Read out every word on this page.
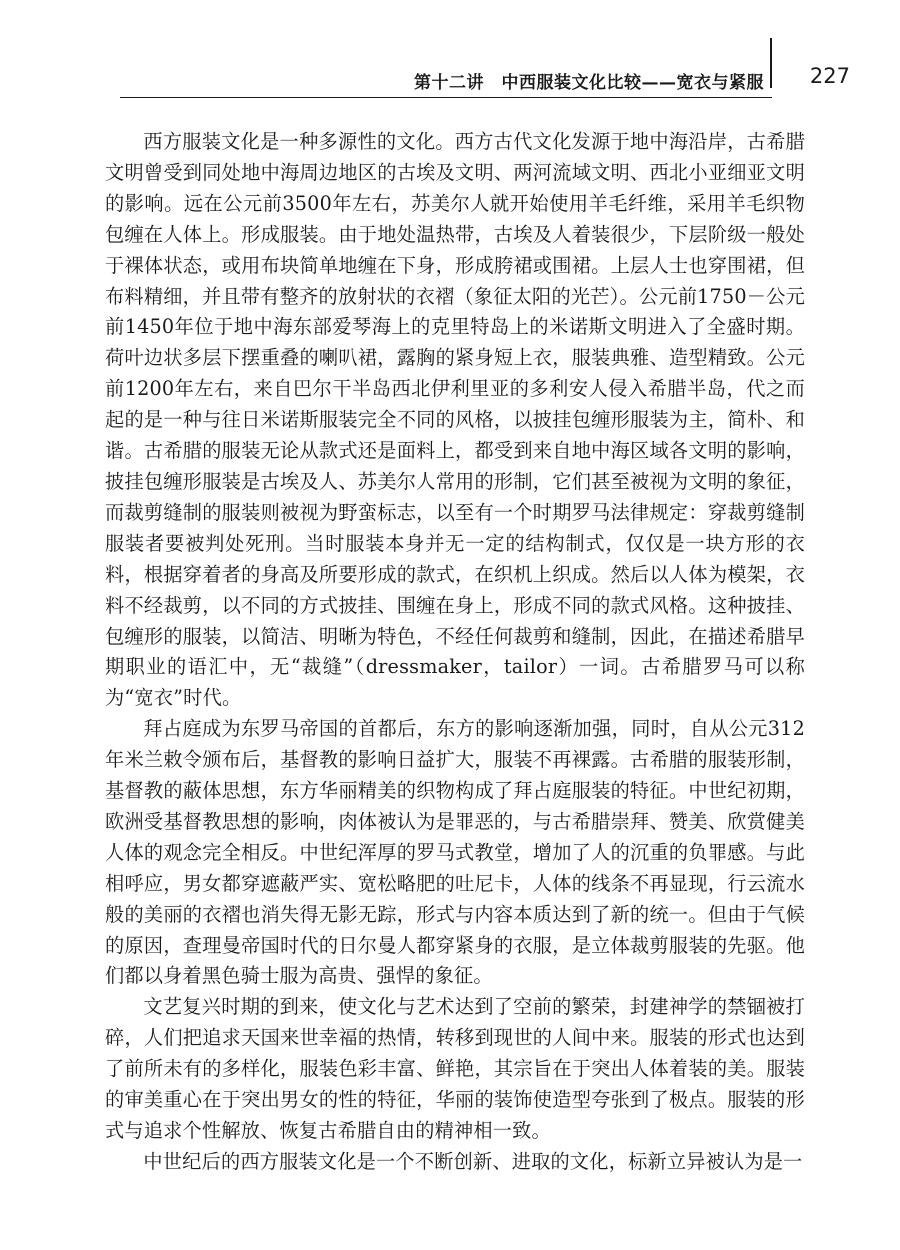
第十二讲　中西服装文化比较——宽衣与紧服 227

西方服装文化是一种多源性的文化。西方古代文化发源于地中海沿岸，古希腊文明曾受到同处地中海周边地区的古埃及文明、两河流域文明、西北小亚细亚文明的影响。远在公元前3500年左右，苏美尔人就开始使用羊毛纤维，采用羊毛织物包缠在人体上。形成服装。由于地处温热带，古埃及人着装很少，下层阶级一般处于裸体状态，或用布块简单地缠在下身，形成胯裙或围裙。上层人士也穿围裙，但布料精细，并且带有整齐的放射状的衣褶（象征太阳的光芒）。公元前1750－公元前1450年位于地中海东部爱琴海上的克里特岛上的米诺斯文明进入了全盛时期。荷叶边状多层下摆重叠的喇叭裙，露胸的紧身短上衣，服装典雅、造型精致。公元前1200年左右，来自巴尔干半岛西北伊利里亚的多利安人侵入希腊半岛，代之而起的是一种与往日米诺斯服装完全不同的风格，以披挂包缠形服装为主，简朴、和谐。古希腊的服装无论从款式还是面料上，都受到来自地中海区域各文明的影响，披挂包缠形服装是古埃及人、苏美尔人常用的形制，它们甚至被视为文明的象征，而裁剪缝制的服装则被视为野蛮标志，以至有一个时期罗马法律规定：穿裁剪缝制服装者要被判处死刑。当时服装本身并无一定的结构制式，仅仅是一块方形的衣料，根据穿着者的身高及所要形成的款式，在织机上织成。然后以人体为模架，衣料不经裁剪，以不同的方式披挂、围缠在身上，形成不同的款式风格。这种披挂、包缠形的服装，以简洁、明晰为特色，不经任何裁剪和缝制，因此，在描述希腊早期职业的语汇中，无“裁缝”（dressmaker，tailor）一词。古希腊罗马可以称为“宽衣”时代。

拜占庭成为东罗马帝国的首都后，东方的影响逐渐加强，同时，自从公元312年米兰敕令颁布后，基督教的影响日益扩大，服装不再裸露。古希腊的服装形制，基督教的蔽体思想，东方华丽精美的织物构成了拜占庭服装的特征。中世纪初期，欧洲受基督教思想的影响，肉体被认为是罪恶的，与古希腊崇拜、赞美、欣赏健美人体的观念完全相反。中世纪浑厚的罗马式教堂，增加了人的沉重的负罪感。与此相呼应，男女都穿遮蔽严实、宽松略肥的吐尼卡，人体的线条不再显现，行云流水般的美丽的衣褶也消失得无影无踪，形式与内容本质达到了新的统一。但由于气候的原因，查理曼帝国时代的日尔曼人都穿紧身的衣服，是立体裁剪服装的先驱。他们都以身着黑色骑士服为高贵、强悍的象征。

文艺复兴时期的到来，使文化与艺术达到了空前的繁荣，封建神学的禁锢被打碎，人们把追求天国来世幸福的热情，转移到现世的人间中来。服装的形式也达到了前所未有的多样化，服装色彩丰富、鲜艳，其宗旨在于突出人体着装的美。服装的审美重心在于突出男女的性的特征，华丽的装饰使造型夸张到了极点。服装的形式与追求个性解放、恢复古希腊自由的精神相一致。

中世纪后的西方服装文化是一个不断创新、进取的文化，标新立异被认为是一
